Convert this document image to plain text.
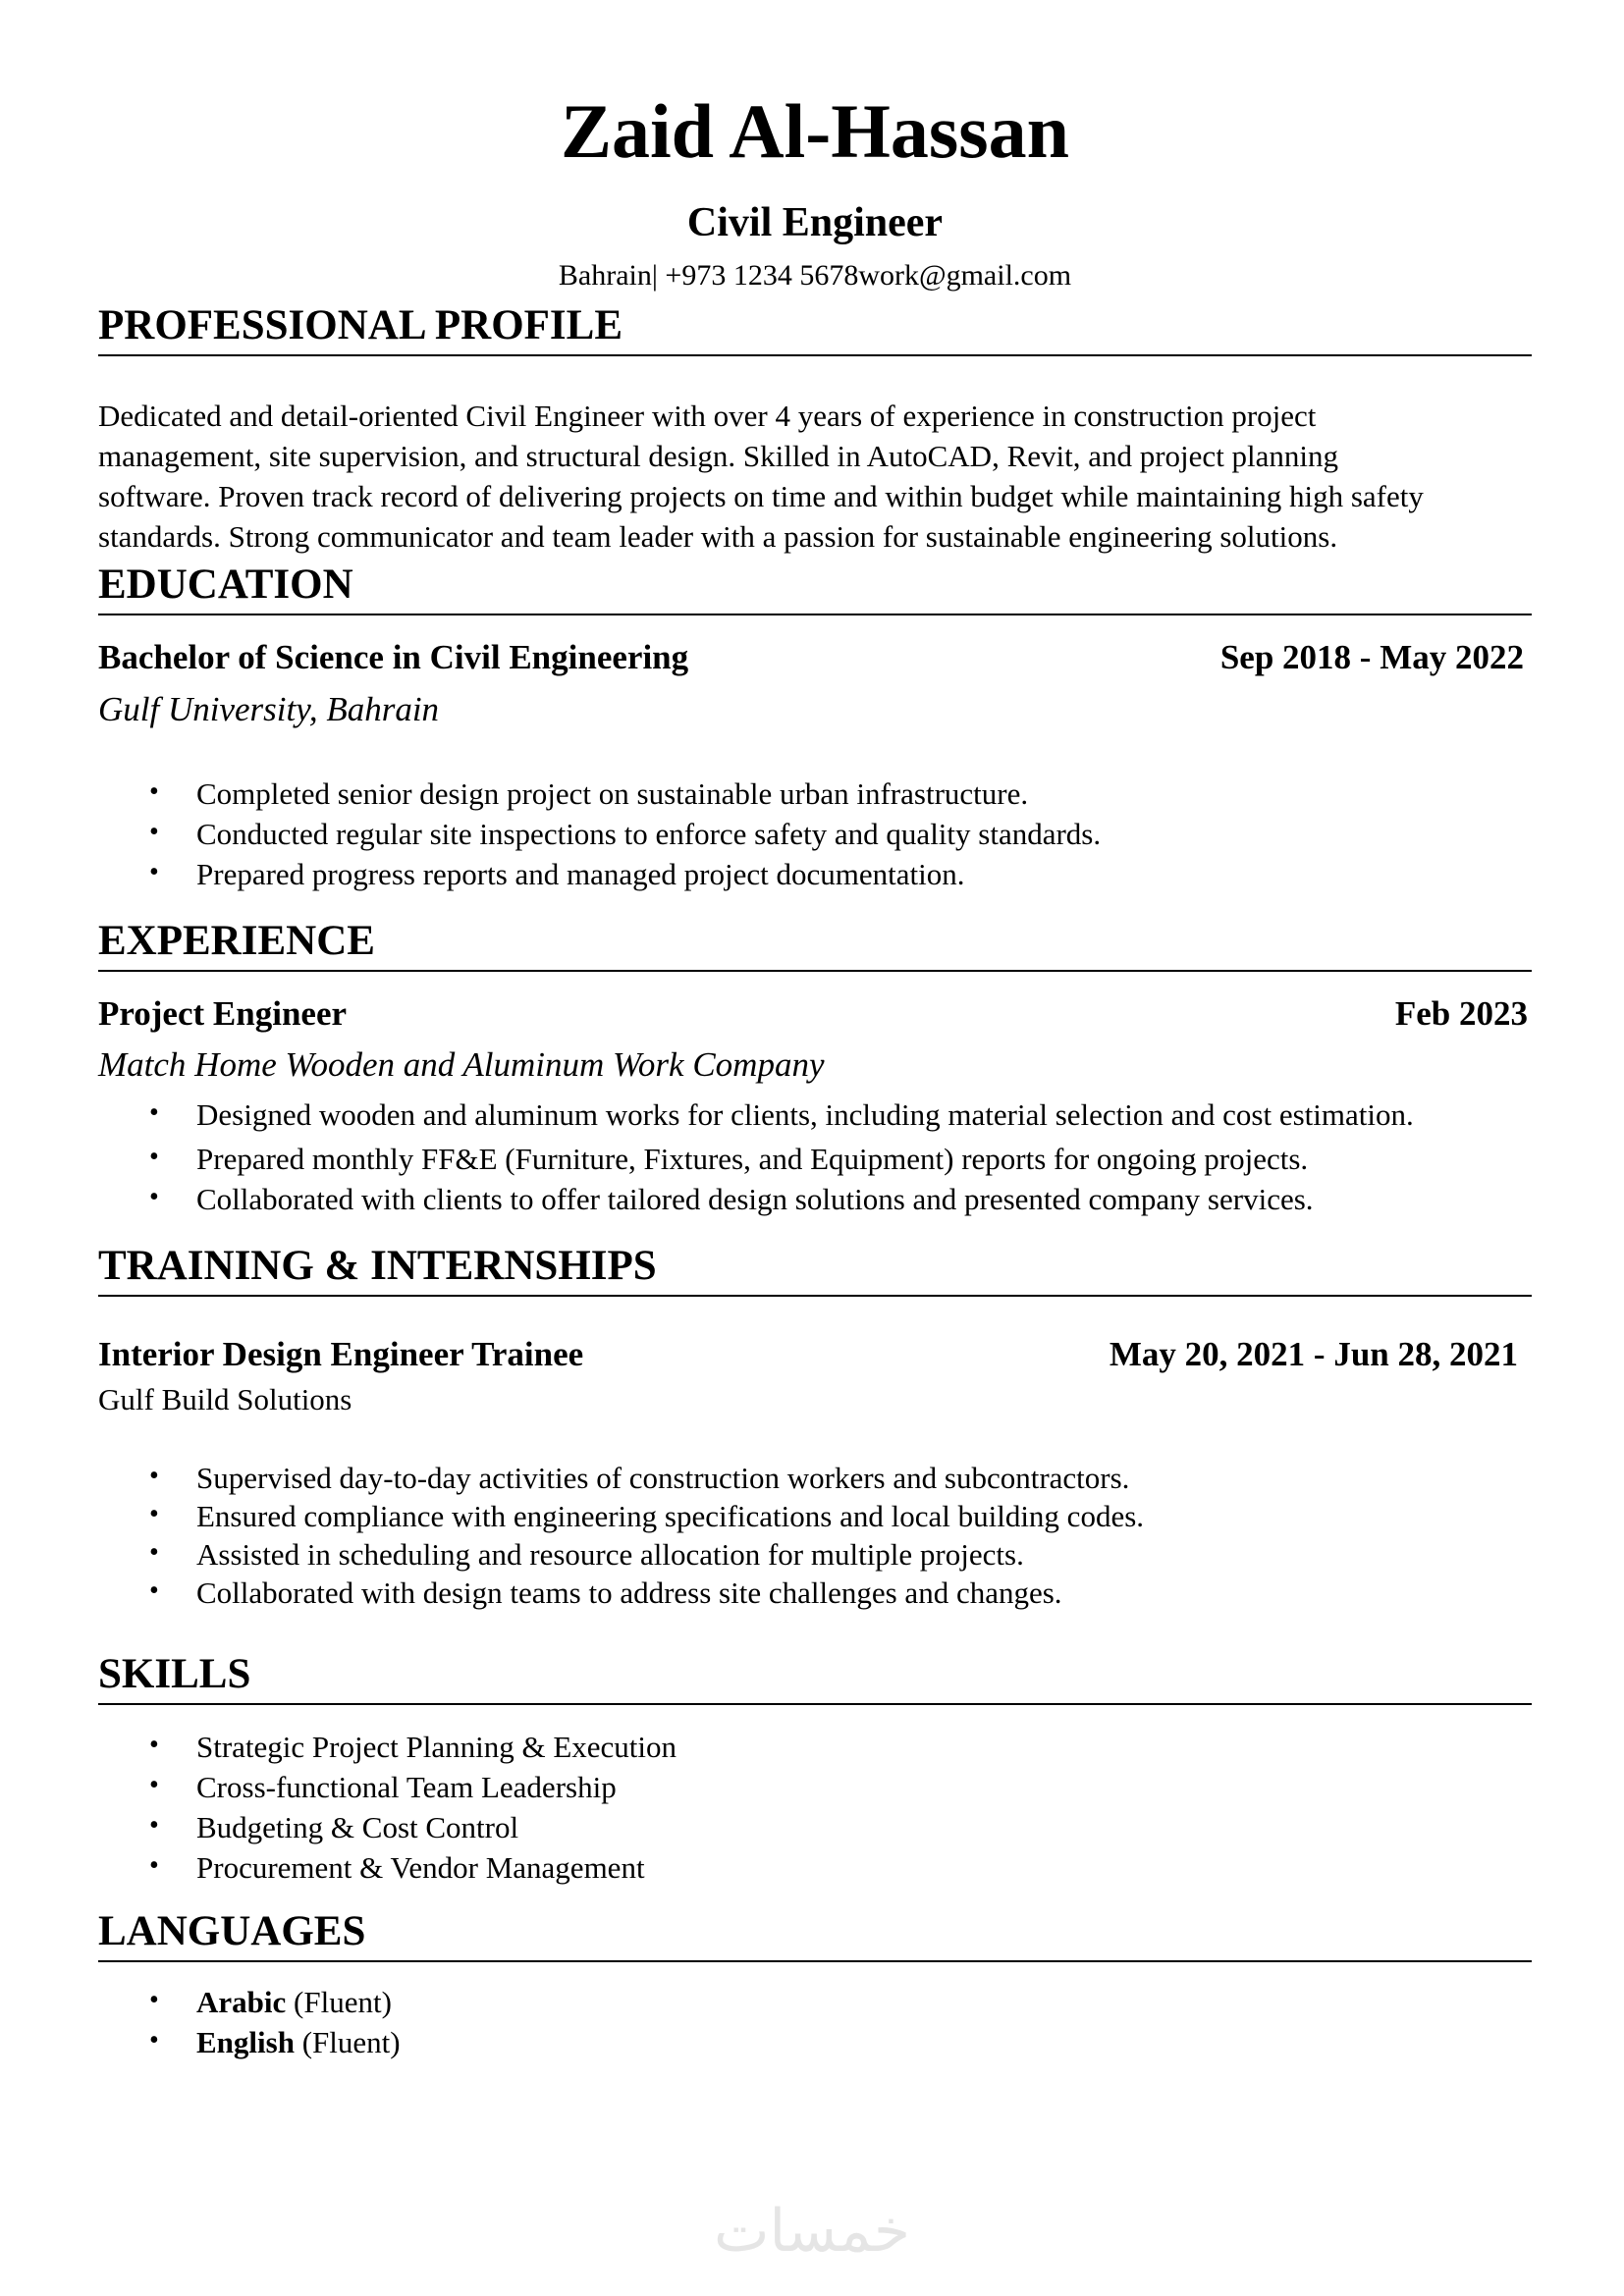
Zaid Al-Hassan
Civil Engineer
Bahrain| +973 1234 5678work@gmail.com
PROFESSIONAL PROFILE
Dedicated and detail-oriented Civil Engineer with over 4 years of experience in construction project
management, site supervision, and structural design. Skilled in AutoCAD, Revit, and project planning
software. Proven track record of delivering projects on time and within budget while maintaining high safety
standards. Strong communicator and team leader with a passion for sustainable engineering solutions.
EDUCATION
Bachelor of Science in Civil Engineering	Sep 2018 - May 2022
Gulf University, Bahrain
• Completed senior design project on sustainable urban infrastructure.
• Conducted regular site inspections to enforce safety and quality standards.
• Prepared progress reports and managed project documentation.
EXPERIENCE
Project Engineer	Feb 2023
Match Home Wooden and Aluminum Work Company
• Designed wooden and aluminum works for clients, including material selection and cost estimation.
• Prepared monthly FF&E (Furniture, Fixtures, and Equipment) reports for ongoing projects.
• Collaborated with clients to offer tailored design solutions and presented company services.
TRAINING & INTERNSHIPS
Interior Design Engineer Trainee	May 20, 2021 - Jun 28, 2021
Gulf Build Solutions
• Supervised day-to-day activities of construction workers and subcontractors.
• Ensured compliance with engineering specifications and local building codes.
• Assisted in scheduling and resource allocation for multiple projects.
• Collaborated with design teams to address site challenges and changes.
SKILLS
• Strategic Project Planning & Execution
• Cross-functional Team Leadership
• Budgeting & Cost Control
• Procurement & Vendor Management
LANGUAGES
• Arabic (Fluent)
• English (Fluent)
خمسات
